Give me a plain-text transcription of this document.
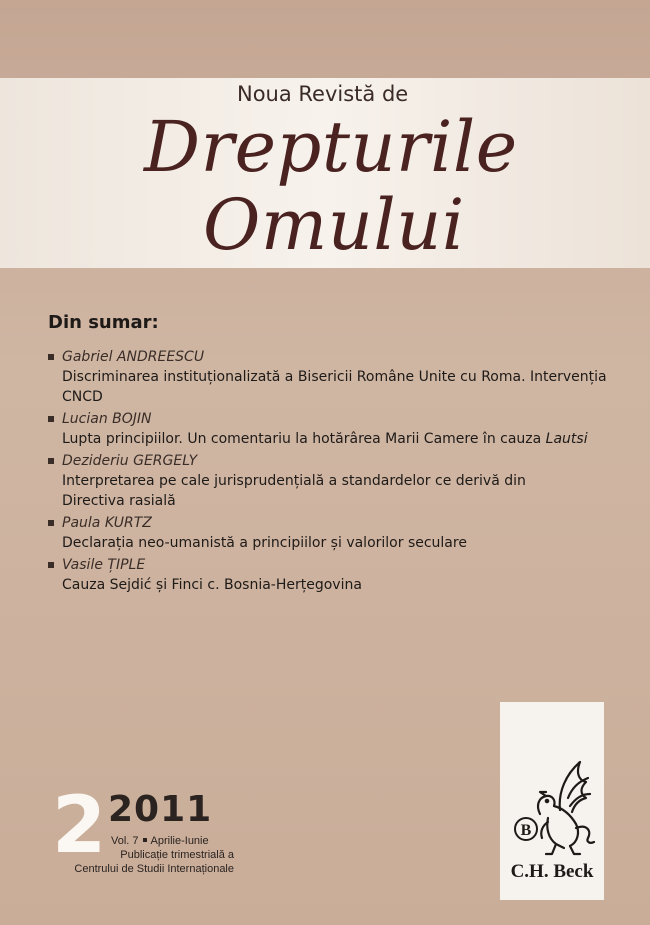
Noua Revistă de
Drepturile
Omului
Din sumar:
Gabriel ANDREESCU
Discriminarea instituționalizată a Bisericii Române Unite cu Roma. Intervenția CNCD
Lucian BOJIN
Lupta principiilor. Un comentariu la hotărârea Marii Camere în cauza Lautsi
Dezideriu GERGELY
Interpretarea pe cale jurisprudențială a standardelor ce derivă din Directiva rasială
Paula KURTZ
Declarația neo-umanistă a principiilor și valorilor seculare
Vasile ȚIPLE
Cauza Sejdić și Finci c. Bosnia-Herțegovina
2 2011
Vol. 7 Aprilie-Iunie
Publicație trimestrială a
Centrului de Studii Internaționale
B
C.H. Beck
